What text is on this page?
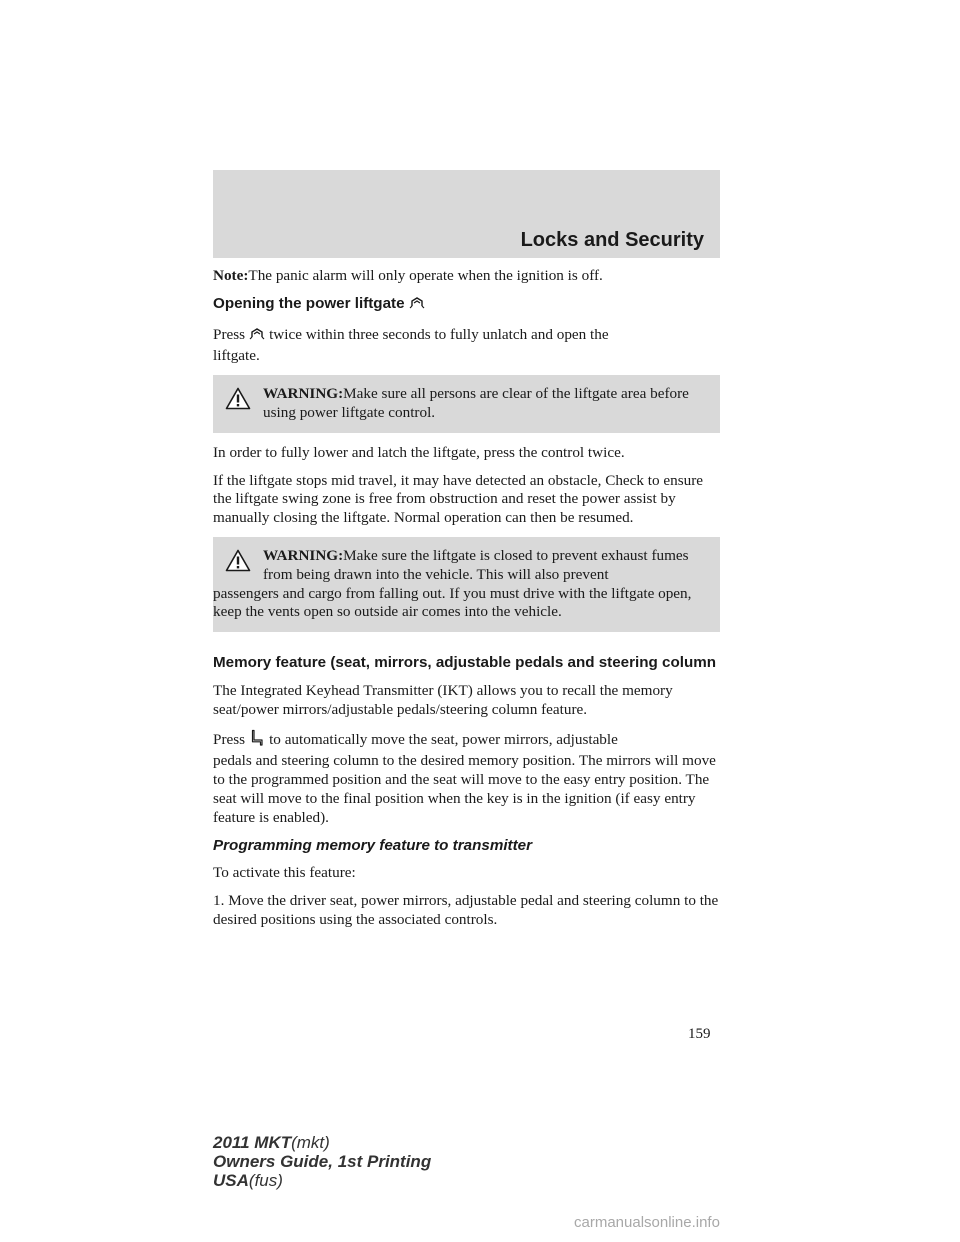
Locks and Security

Note:The panic alarm will only operate when the ignition is off.

Opening the power liftgate

Press twice within three seconds to fully unlatch and open the
liftgate.

WARNING:Make sure all persons are clear of the liftgate area before using power liftgate control.

In order to fully lower and latch the liftgate, press the control twice.

If the liftgate stops mid travel, it may have detected an obstacle, Check to ensure the liftgate swing zone is free from obstruction and reset the power assist by manually closing the liftgate. Normal operation can then be resumed.

WARNING:Make sure the liftgate is closed to prevent exhaust fumes from being drawn into the vehicle. This will also prevent
passengers and cargo from falling out. If you must drive with the liftgate open, keep the vents open so outside air comes into the vehicle.
Memory feature (seat, mirrors, adjustable pedals and steering column

The Integrated Keyhead Transmitter (IKT) allows you to recall the memory seat/power mirrors/adjustable pedals/steering column feature.

Press to automatically move the seat, power mirrors, adjustable
pedals and steering column to the desired memory position. The mirrors will move to the programmed position and the seat will move to the easy entry position. The seat will move to the final position when the key is in the ignition (if easy entry feature is enabled).

Programming memory feature to transmitter

To activate this feature:

1. Move the driver seat, power mirrors, adjustable pedal and steering column to the desired positions using the associated controls.

159
2011 MKT(mkt)
Owners Guide, 1st Printing
USA(fus)
carmanualsonline.info
